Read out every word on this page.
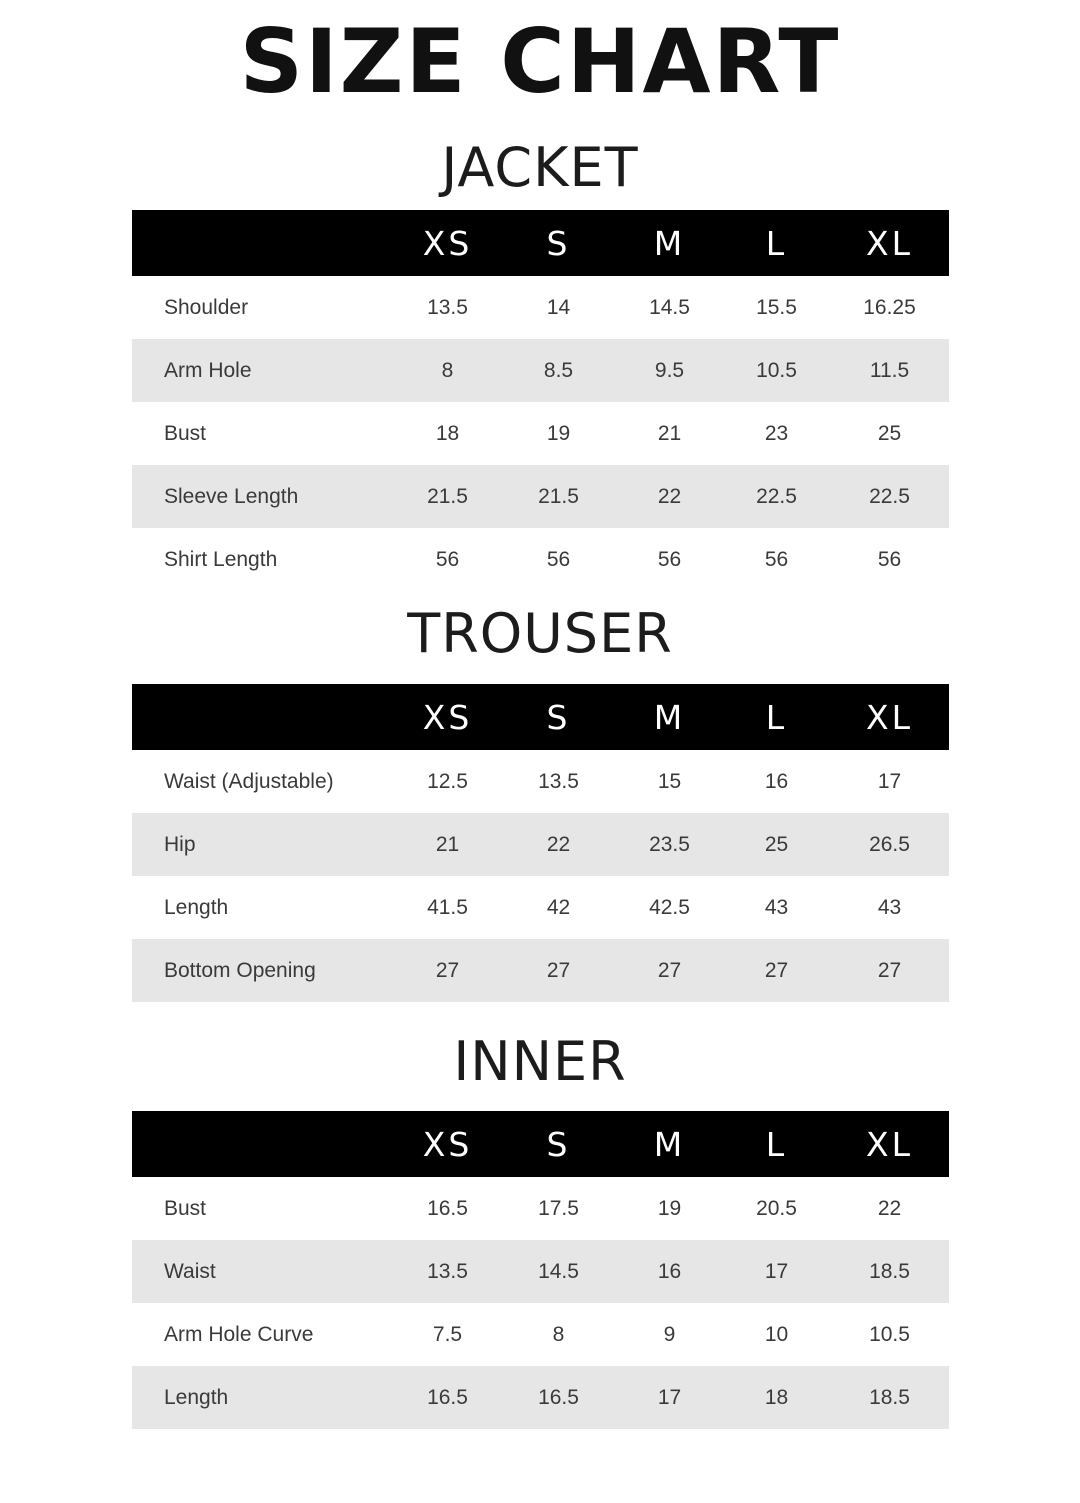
SIZE CHART
JACKET
	XS	S	M	L	XL
Shoulder	13.5	14	14.5	15.5	16.25
Arm Hole	8	8.5	9.5	10.5	11.5
Bust	18	19	21	23	25
Sleeve Length	21.5	21.5	22	22.5	22.5
Shirt Length	56	56	56	56	56
TROUSER
	XS	S	M	L	XL
Waist (Adjustable)	12.5	13.5	15	16	17
Hip	21	22	23.5	25	26.5
Length	41.5	42	42.5	43	43
Bottom Opening	27	27	27	27	27
INNER
	XS	S	M	L	XL
Bust	16.5	17.5	19	20.5	22
Waist	13.5	14.5	16	17	18.5
Arm Hole Curve	7.5	8	9	10	10.5
Length	16.5	16.5	17	18	18.5
